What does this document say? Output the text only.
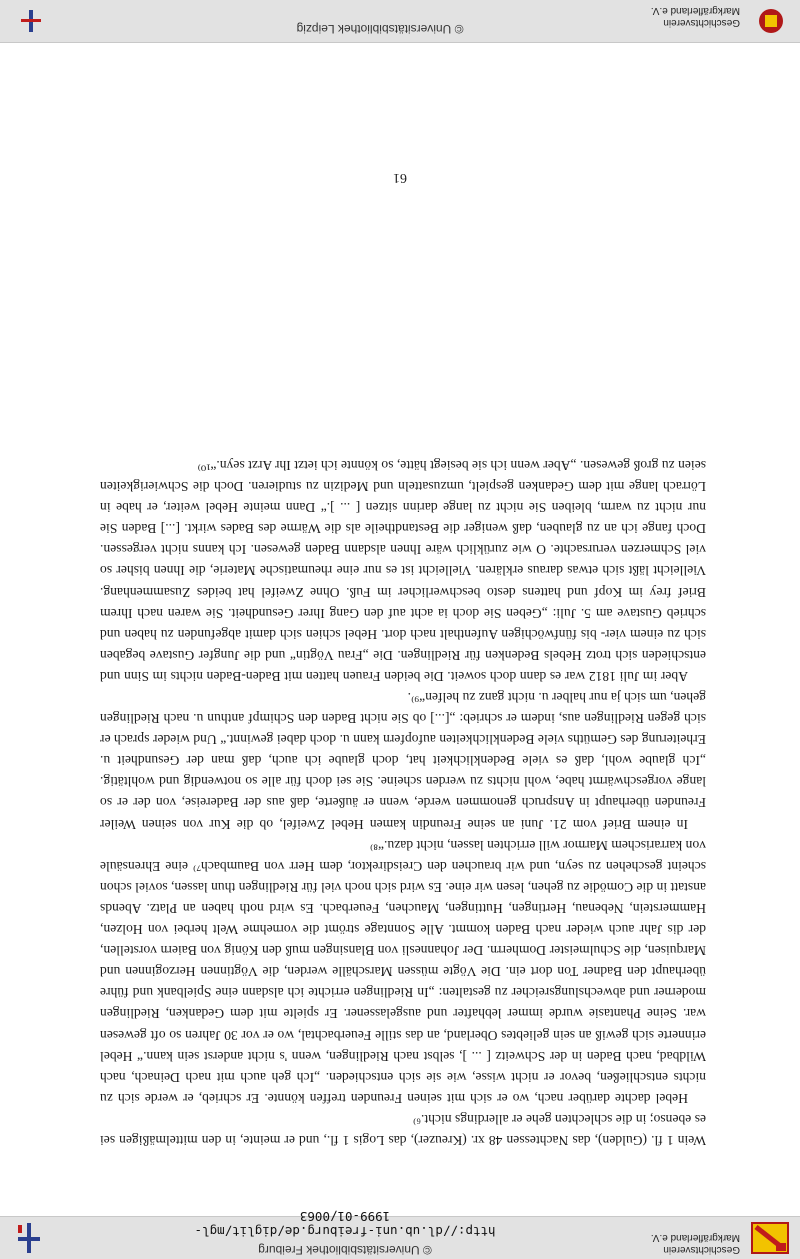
Geschichtsverein
Markgräflerland e.V.
© Universitätsbibliothek Freiburg
http://dl.ub.uni-freiburg.de/diglit/mgl-1999-01/0063

Wein 1 fl. (Gulden), das Nachtessen 48 xr. (Kreuzer), das Logis 1 fl., und er meinte, in den mittelmäßigen sei es ebenso; in die schlechten gehe er allerdings nicht.⁶⁾

Hebel dachte darüber nach, wo er sich mit seinen Freunden treffen könnte. Er schrieb, er werde sich zu nichts entschließen, bevor er nicht wisse, wie sie sich entschieden. „Ich geh auch mit nach Deinach, nach Wildbad, nach Baden in der Schweitz [ ... ], selbst nach Riedlingen, wenn 's nicht anderst sein kann.“ Hebel erinnerte sich gewiß an sein geliebtes Oberland, an das stille Feuerbachtal, wo er vor 30 Jahren so oft gewesen war. Seine Phantasie wurde immer lebhafter und ausgelassener. Er spielte mit dem Gedanken, Riedlingen moderner und abwechslungsreicher zu gestalten: „In Riedlingen errichte ich alsdann eine Spielbank und führe überhaupt den Badner Ton dort ein. Die Vögte müssen Marschälle werden, die Vögtinnen Herzoginnen und Marquisen, die Schulmeister Domherrn. Der Johannesli von Blansingen muß den König von Baiern vorstellen, der dis Jahr auch wieder nach Baden kommt. Alle Sonntage strömt die vornehme Welt herbei von Holzen, Hammerstein, Nebenau, Hertingen, Huttingen, Mauchen, Feuerbach. Es wird noth haben an Platz. Abends anstatt in die Comödie zu gehen, lesen wir eine. Es wird sich noch viel für Riedlingen thun lassen, soviel schon scheint geschehen zu seyn, und wir brauchen den Creisdirektor, dem Herr von Baumbach⁷⁾ eine Ehrensäule von karrarischem Marmor will errichten lassen, nicht dazu.“⁸⁾

In einem Brief vom 21. Juni an seine Freundin kamen Hebel Zweifel, ob die Kur von seinen Weiler Freunden überhaupt in Anspruch genommen werde, wenn er äußerte, daß aus der Badereise, von der er so lange vorgeschwärmt habe, wohl nichts zu werden scheine. Sie sei doch für alle so notwendig und wohltätig. „Ich glaube wohl, daß es viele Bedenklichkeit hat, doch glaube ich auch, daß man der Gesundheit u. Erheiterung des Gemüths viele Bedenklichkeiten aufopfern kann u. doch dabei gewinnt.“ Und wieder sprach er sich gegen Riedlingen aus, indem er schrieb: „[...] ob Sie nicht Baden den Schimpf anthun u. nach Riedlingen gehen, um sich ja nur halber u. nicht ganz zu helfen“⁹⁾.

Aber im Juli 1812 war es dann doch soweit. Die beiden Frauen hatten mit Baden-Baden nichts im Sinn und entschieden sich trotz Hebels Bedenken für Riedlingen. Die „Frau Vögtin“ und die Jungfer Gustave begaben sich zu einem vier- bis fünfwöchigen Aufenthalt nach dort. Hebel schien sich damit abgefunden zu haben und schrieb Gustave am 5. Juli: „Geben Sie doch ia acht auf den Gang Ihrer Gesundheit. Sie waren nach Ihrem Brief frey im Kopf und hattens desto beschwerlicher im Fuß. Ohne Zweifel hat beides Zusammenhang. Vielleicht läßt sich etwas daraus erklären. Vielleicht ist es nur eine rheumatische Materie, die Ihnen bisher so viel Schmerzen verursachte. O wie zurüklich wäre Ihnen alsdann Baden gewesen. Ich kanns nicht vergessen. Doch fange ich an zu glauben, daß weniger die Bestandtheile als die Wärme des Bades wirkt. [...] Baden Sie nur nicht zu warm, bleiben Sie nicht zu lange darinn sitzen [ ... ].“ Dann meinte Hebel weiter, er habe in Lörrach lange mit dem Gedanken gespielt, umzusatteln und Medizin zu studieren. Doch die Schwierigkeiten seien zu groß gewesen. „Aber wenn ich sie besiegt hätte, so könnte ich ietzt Ihr Arzt seyn.“¹⁰⁾

61
© Universitätsbibliothek Leipzig	Geschichtsverein Markgräflerland e.V.
